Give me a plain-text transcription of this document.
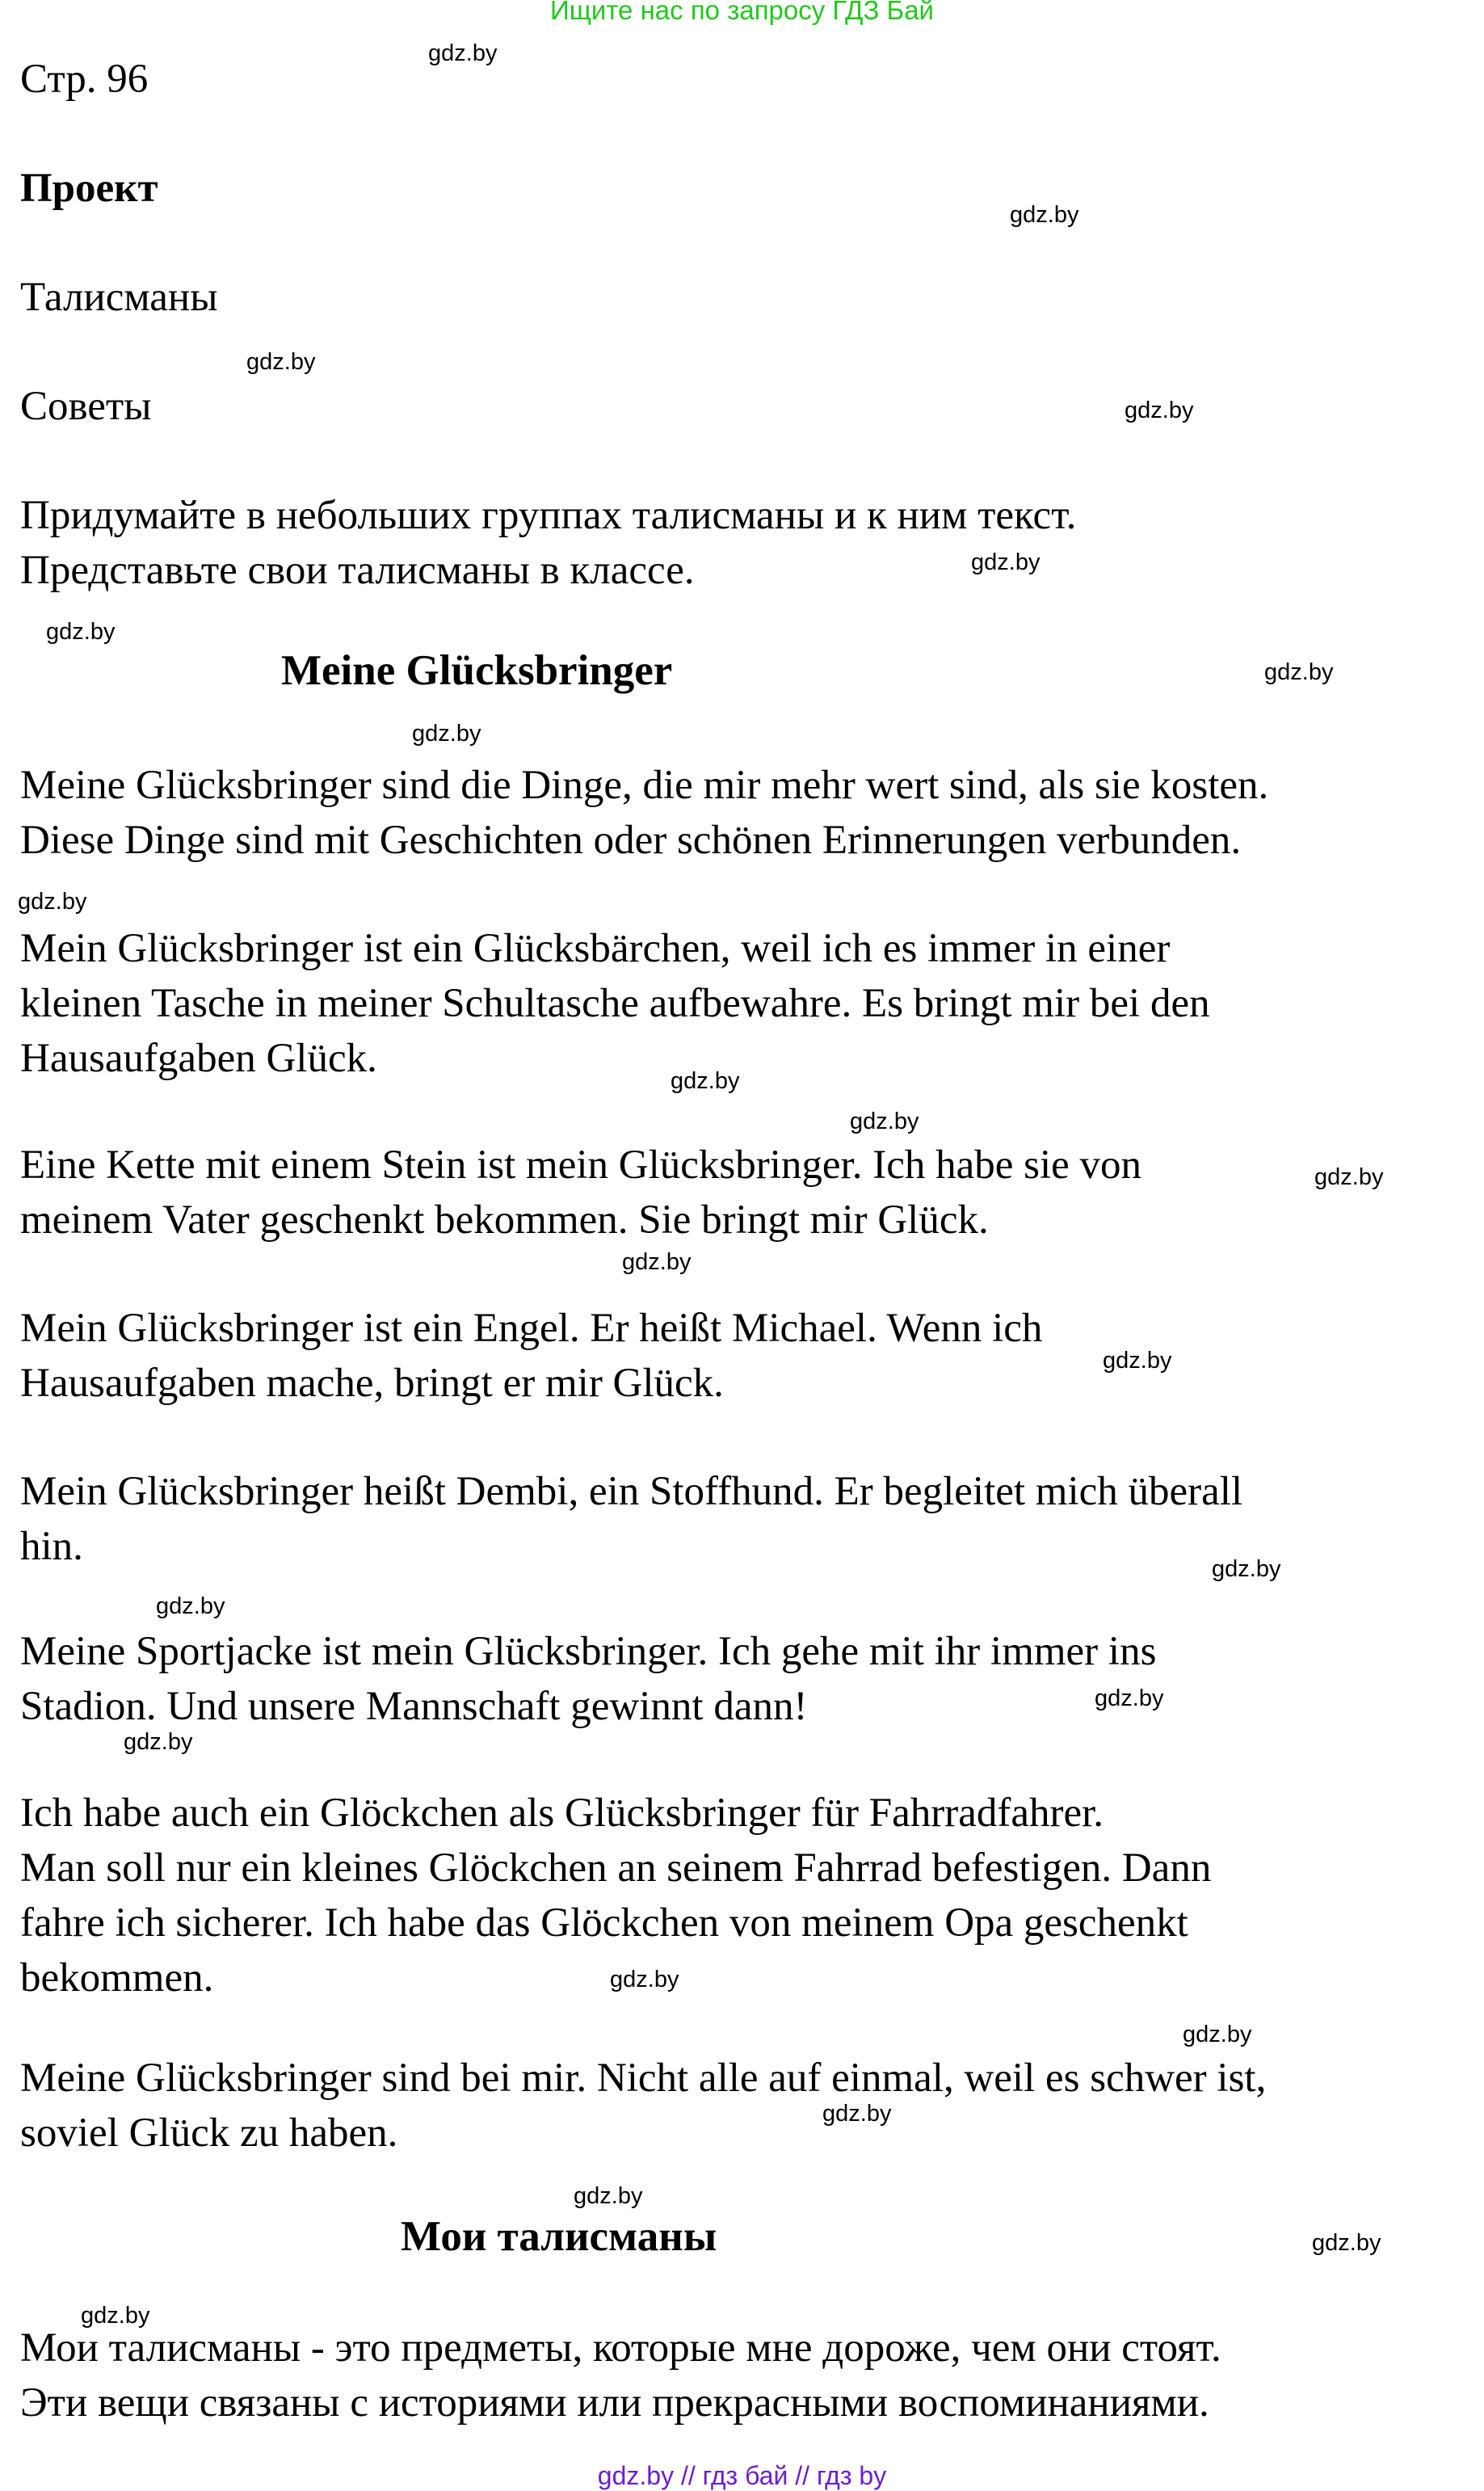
Ищите нас по запросу ГДЗ Бай
gdz.by
gdz.by
gdz.by
gdz.by
gdz.by
gdz.by
gdz.by
gdz.by
gdz.by
gdz.by
gdz.by
gdz.by
gdz.by
gdz.by
gdz.by
gdz.by
gdz.by
gdz.by
gdz.by
gdz.by
gdz.by
gdz.by
gdz.by
gdz.by
Стр. 96
Проект
Талисманы
Советы
Придумайте в небольших группах талисманы и к ним текст.
Представьте свои талисманы в классе.
Meine Glücksbringer
Meine Glücksbringer sind die Dinge, die mir mehr wert sind, als sie kosten.
Diese Dinge sind mit Geschichten oder schönen Erinnerungen verbunden.
Mein Glücksbringer ist ein Glücksbärchen, weil ich es immer in einer
kleinen Tasche in meiner Schultasche aufbewahre. Es bringt mir bei den
Hausaufgaben Glück.
Eine Kette mit einem Stein ist mein Glücksbringer. Ich habe sie von
meinem Vater geschenkt bekommen. Sie bringt mir Glück.
Mein Glücksbringer ist ein Engel. Er heißt Michael. Wenn ich
Hausaufgaben mache, bringt er mir Glück.
Mein Glücksbringer heißt Dembi, ein Stoffhund. Er begleitet mich überall
hin.
Meine Sportjacke ist mein Glücksbringer. Ich gehe mit ihr immer ins
Stadion. Und unsere Mannschaft gewinnt dann!
Ich habe auch ein Glöckchen als Glücksbringer für Fahrradfahrer.
Man soll nur ein kleines Glöckchen an seinem Fahrrad befestigen. Dann
fahre ich sicherer. Ich habe das Glöckchen von meinem Opa geschenkt
bekommen.
Meine Glücksbringer sind bei mir. Nicht alle auf einmal, weil es schwer ist,
soviel Glück zu haben.
Мои талисманы
Мои талисманы - это предметы, которые мне дороже, чем они стоят.
Эти вещи связаны с историями или прекрасными воспоминаниями.
gdz.by // гдз бай // гдз by
